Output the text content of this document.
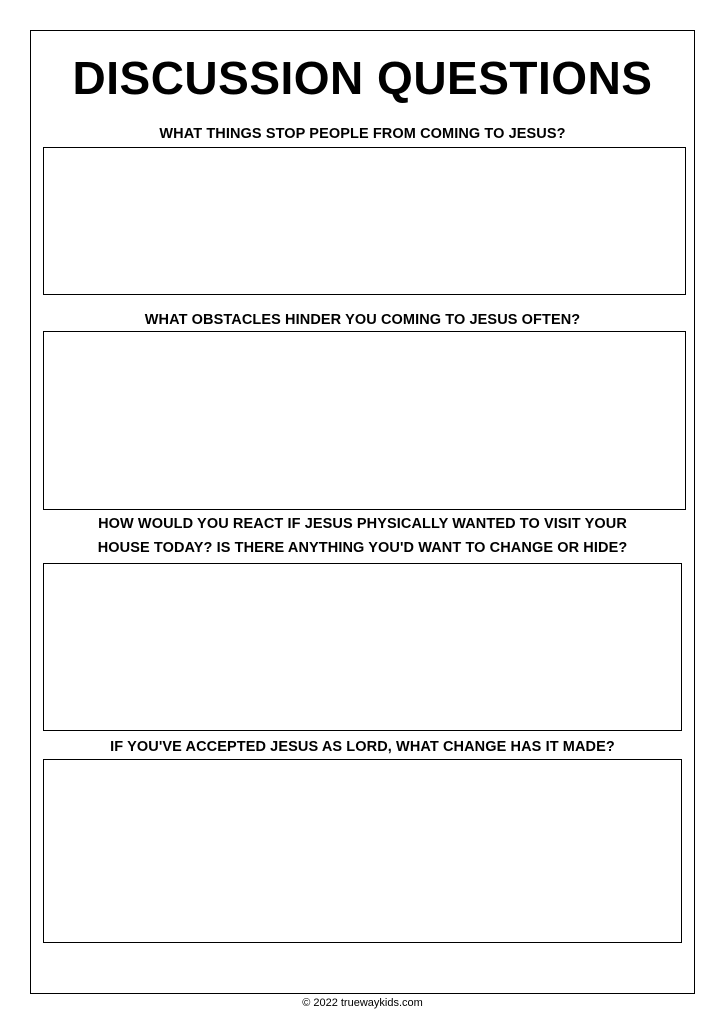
DISCUSSION QUESTIONS
WHAT THINGS STOP PEOPLE FROM COMING TO JESUS?
WHAT OBSTACLES HINDER YOU COMING TO JESUS OFTEN?
HOW WOULD YOU REACT IF JESUS PHYSICALLY WANTED TO VISIT YOUR
HOUSE TODAY? IS THERE ANYTHING YOU'D WANT TO CHANGE OR HIDE?
IF YOU'VE ACCEPTED JESUS AS LORD, WHAT CHANGE HAS IT MADE?
© 2022 truewaykids.com
